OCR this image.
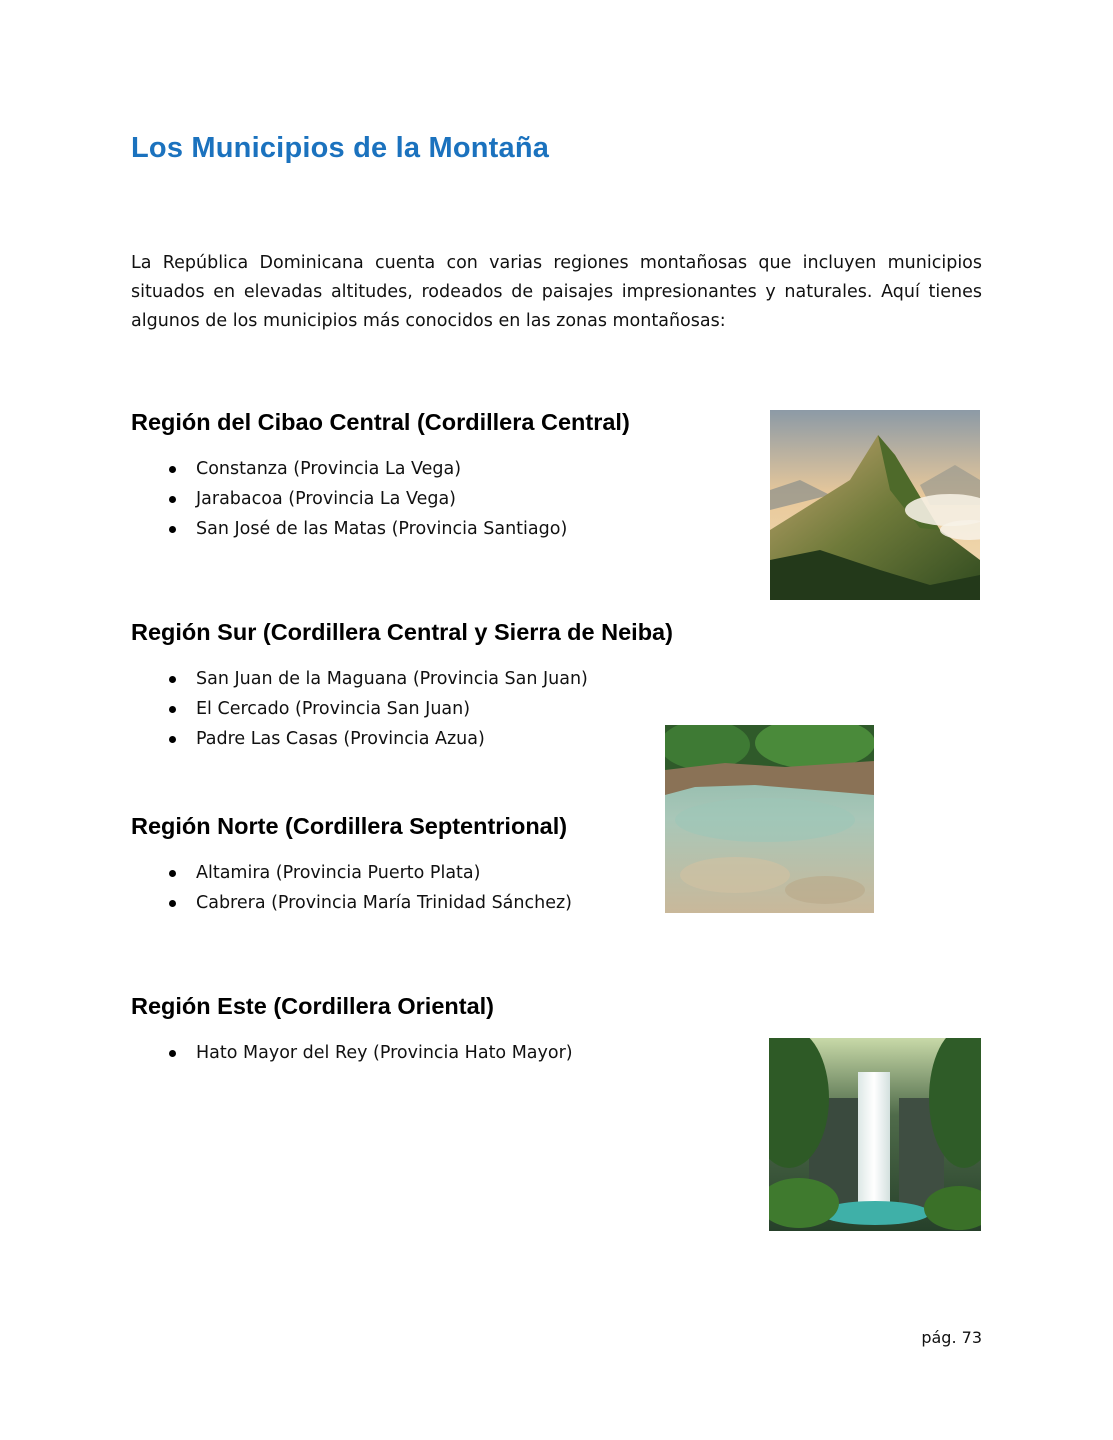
Los Municipios de la Montaña

La República Dominicana cuenta con varias regiones montañosas que incluyen municipios situados en elevadas altitudes, rodeados de paisajes impresionantes y naturales. Aquí tienes algunos de los municipios más conocidos en las zonas montañosas:

Región del Cibao Central (Cordillera Central)
Constanza (Provincia La Vega)
Jarabacoa (Provincia La Vega)
San José de las Matas (Provincia Santiago)
Región Sur (Cordillera Central y Sierra de Neiba)
San Juan de la Maguana (Provincia San Juan)
El Cercado (Provincia San Juan)
Padre Las Casas (Provincia Azua)
Región Norte (Cordillera Septentrional)
Altamira (Provincia Puerto Plata)
Cabrera (Provincia María Trinidad Sánchez)
Región Este (Cordillera Oriental)
Hato Mayor del Rey (Provincia Hato Mayor)
pág. 73
